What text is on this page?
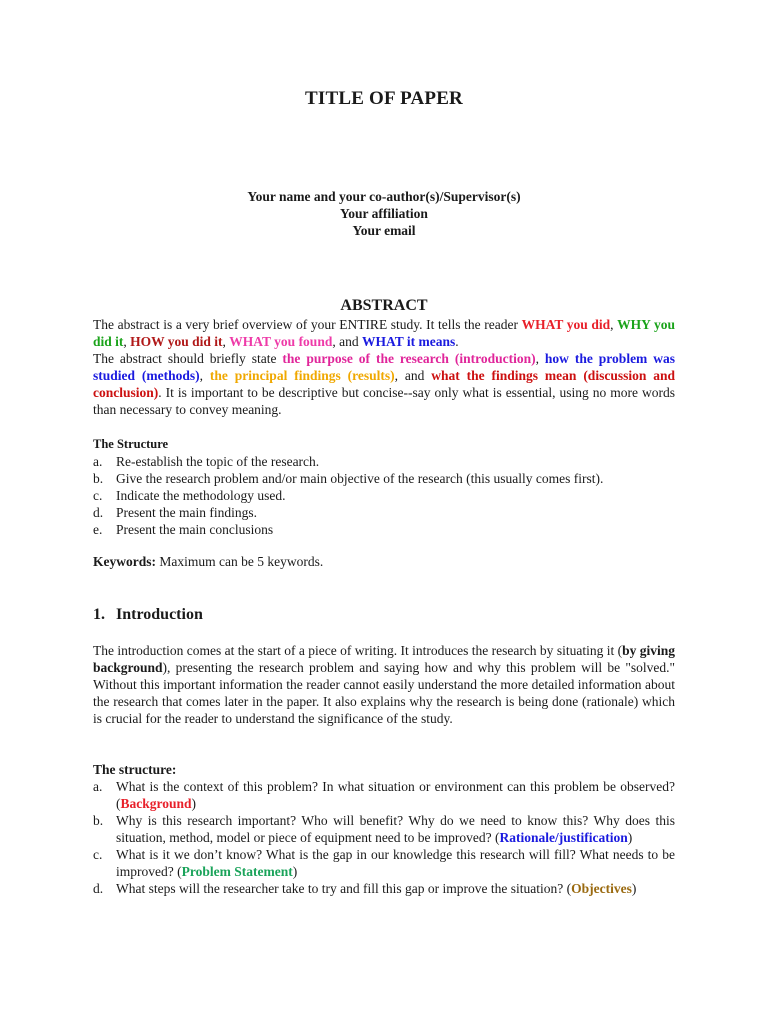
TITLE OF PAPER
Your name and your co-author(s)/Supervisor(s)
Your affiliation
Your email
ABSTRACT

The abstract is a very brief overview of your ENTIRE study. It tells the reader WHAT you did, WHY you did it, HOW you did it, WHAT you found, and WHAT it means.

The abstract should briefly state the purpose of the research (introduction), how the problem was studied (methods), the principal findings (results), and what the findings mean (discussion and conclusion). It is important to be descriptive but concise--say only what is essential, using no more words than necessary to convey meaning.

The Structure
a. Re-establish the topic of the research.
b. Give the research problem and/or main objective of the research (this usually comes first).
c. Indicate the methodology used.
d. Present the main findings.
e. Present the main conclusions
Keywords: Maximum can be 5 keywords.
1. Introduction

The introduction comes at the start of a piece of writing. It introduces the research by situating it (by giving background), presenting the research problem and saying how and why this problem will be "solved." Without this important information the reader cannot easily understand the more detailed information about the research that comes later in the paper. It also explains why the research is being done (rationale) which is crucial for the reader to understand the significance of the study.

The structure:
a. What is the context of this problem? In what situation or environment can this problem be observed? (Background)
b. Why is this research important? Who will benefit? Why do we need to know this? Why does this situation, method, model or piece of equipment need to be improved? (Rationale/justification)
c. What is it we don’t know? What is the gap in our knowledge this research will fill? What needs to be improved? (Problem Statement)
d. What steps will the researcher take to try and fill this gap or improve the situation? (Objectives)
